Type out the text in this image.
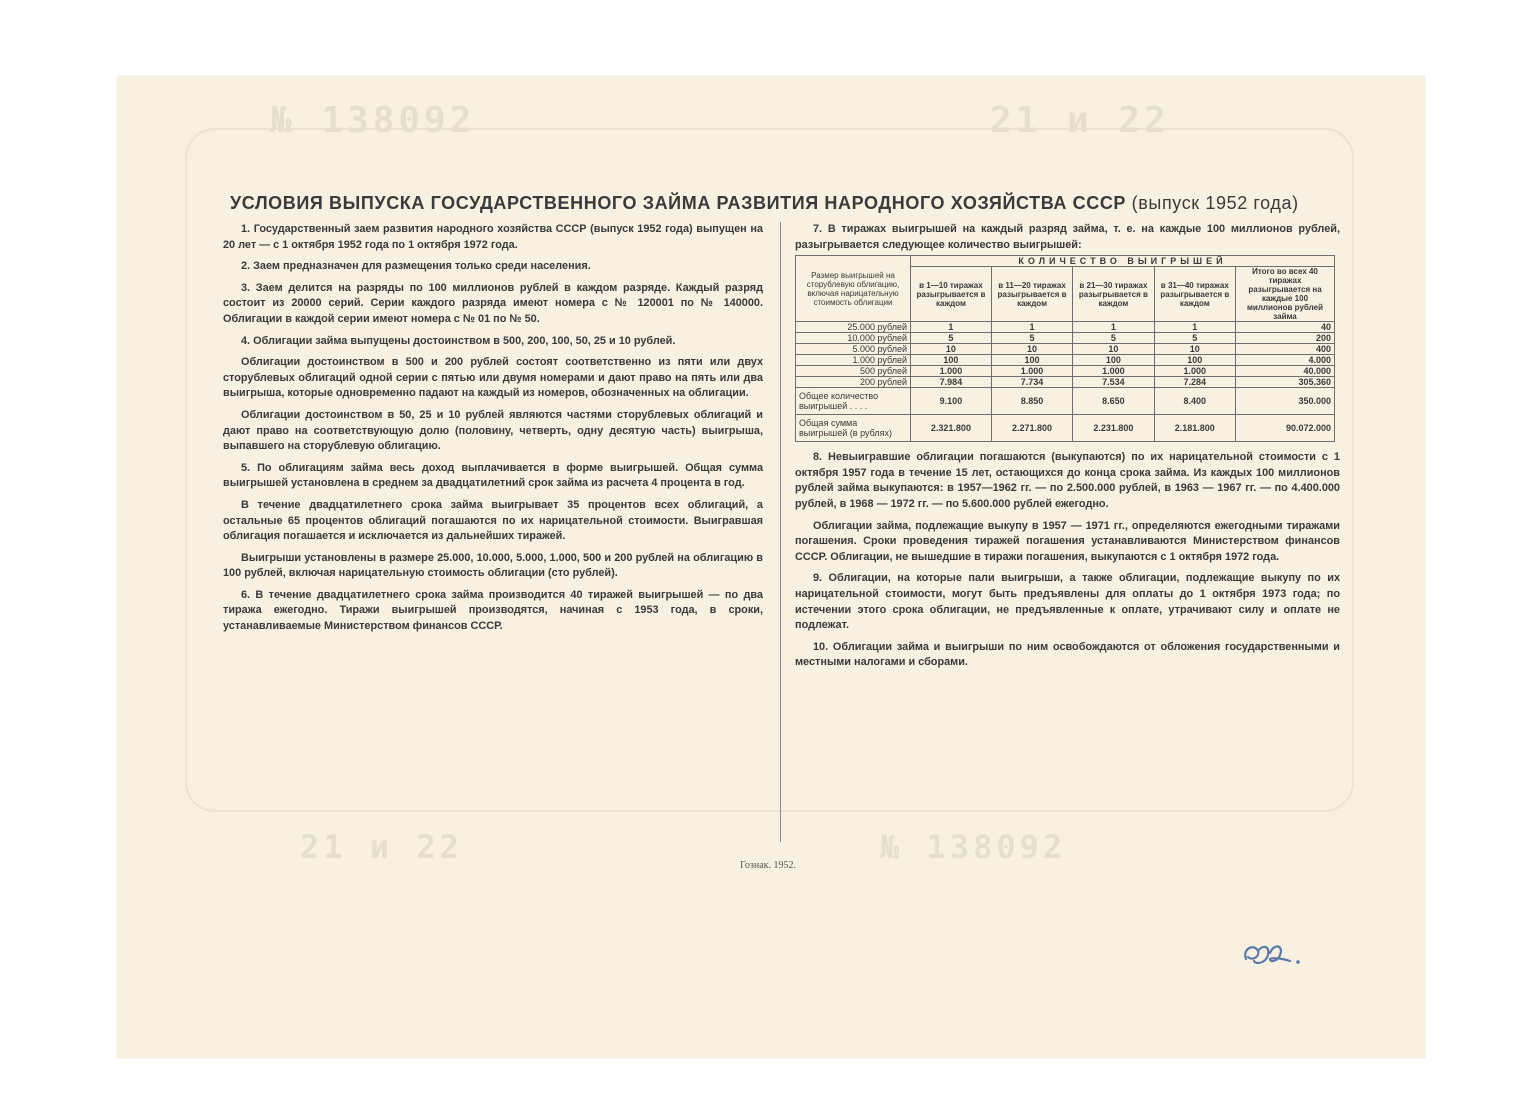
№ 138092	21 и 22
21 и 22	№ 138092
УСЛОВИЯ ВЫПУСКА ГОСУДАРСТВЕННОГО ЗАЙМА РАЗВИТИЯ НАРОДНОГО ХОЗЯЙСТВА СССР (выпуск 1952 года)

1. Государственный заем развития народного хозяйства СССР (выпуск 1952 года) выпущен на 20 лет — с 1 октября 1952 года по 1 октября 1972 года.

2. Заем предназначен для размещения только среди населения.

3. Заем делится на разряды по 100 миллионов рублей в каждом разряде. Каждый разряд состоит из 20000 серий. Серии каждого разряда имеют номера с № 120001 по № 140000. Облигации в каждой серии имеют номера с № 01 по № 50.

4. Облигации займа выпущены достоинством в 500, 200, 100, 50, 25 и 10 рублей.

Облигации достоинством в 500 и 200 рублей состоят соответственно из пяти или двух сторублевых облигаций одной серии с пятью или двумя номерами и дают право на пять или два выигрыша, которые одновременно падают на каждый из номеров, обозначенных на облигации.

Облигации достоинством в 50, 25 и 10 рублей являются частями сторублевых облигаций и дают право на соответствующую долю (половину, четверть, одну десятую часть) выигрыша, выпавшего на сторублевую облигацию.

5. По облигациям займа весь доход выплачивается в форме выигрышей. Общая сумма выигрышей установлена в среднем за двадцатилетний срок займа из расчета 4 процента в год.

В течение двадцатилетнего срока займа выигрывает 35 процентов всех облигаций, а остальные 65 процентов облигаций погашаются по их нарицательной стоимости. Выигравшая облигация погашается и исключается из дальнейших тиражей.

Выигрыши установлены в размере 25.000, 10.000, 5.000, 1.000, 500 и 200 рублей на облигацию в 100 рублей, включая нарицательную стоимость облигации (сто рублей).

6. В течение двадцатилетнего срока займа производится 40 тиражей выигрышей — по два тиража ежегодно. Тиражи выигрышей производятся, начиная с 1953 года, в сроки, устанавливаемые Министерством финансов СССР.

7. В тиражах выигрышей на каждый разряд займа, т. е. на каждые 100 миллионов рублей, разыгрывается следующее количество выигрышей:

Размер выигрышей на сторублевую облигацию, включая нарицательную стоимость облигации	КОЛИЧЕСТВО ВЫИГРЫШЕЙ				
	в 1—10 тиражах разыгрывается в каждом	в 11—20 тиражах разыгрывается в каждом	в 21—30 тиражах разыгрывается в каждом	в 31—40 тиражах разыгрывается в каждом	Итого во всех 40 тиражах разыгрывается на каждые 100 миллионов рублей займа
25.000 рублей	1	1	1	1	40
10.000 рублей	5	5	5	5	200
5.000 рублей	10	10	10	10	400
1.000 рублей	100	100	100	100	4.000
500 рублей	1.000	1.000	1.000	1.000	40.000
200 рублей	7.984	7.734	7.534	7.284	305.360
Общее количество выигрышей . . . .	9.100	8.850	8.650	8.400	350.000
Общая сумма выигрышей (в рублях)	2.321.800	2.271.800	2.231.800	2.181.800	90.072.000

8. Невыигравшие облигации погашаются (выкупаются) по их нарицательной стоимости с 1 октября 1957 года в течение 15 лет, остающихся до конца срока займа. Из каждых 100 миллионов рублей займа выкупаются: в 1957—1962 гг. — по 2.500.000 рублей, в 1963 — 1967 гг. — по 4.400.000 рублей, в 1968 — 1972 гг. — по 5.600.000 рублей ежегодно.

Облигации займа, подлежащие выкупу в 1957 — 1971 гг., определяются ежегодными тиражами погашения. Сроки проведения тиражей погашения устанавливаются Министерством финансов СССР. Облигации, не вышедшие в тиражи погашения, выкупаются с 1 октября 1972 года.

9. Облигации, на которые пали выигрыши, а также облигации, подлежащие выкупу по их нарицательной стоимости, могут быть предъявлены для оплаты до 1 октября 1973 года; по истечении этого срока облигации, не предъявленные к оплате, утрачивают силу и оплате не подлежат.

10. Облигации займа и выигрыши по ним освобождаются от обложения государственными и местными налогами и сборами.

Гознак. 1952.
